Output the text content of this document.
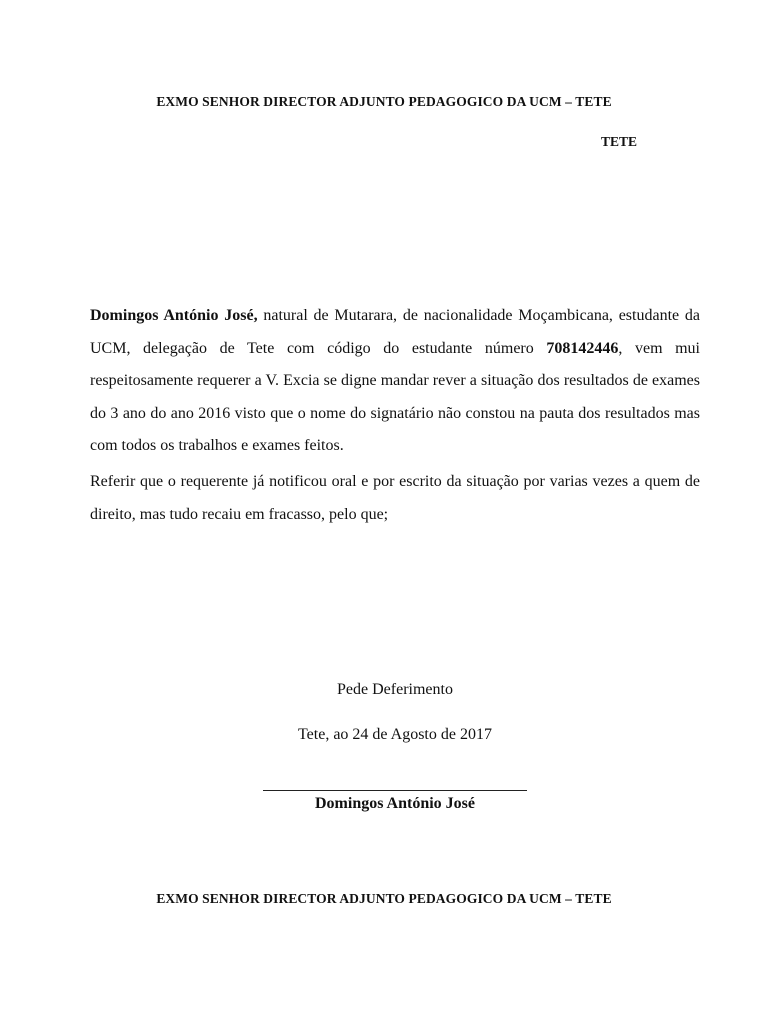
EXMO SENHOR DIRECTOR ADJUNTO PEDAGOGICO DA UCM – TETE
TETE

Domingos António José, natural de Mutarara, de nacionalidade Moçambicana, estudante da UCM, delegação de Tete com código do estudante número 708142446, vem mui respeitosamente requerer a V. Excia se digne mandar rever a situação dos resultados de exames do 3 ano do ano 2016 visto que o nome do signatário não constou na pauta dos resultados mas com todos os trabalhos e exames feitos.

Referir que o requerente já notificou oral e por escrito da situação por varias vezes a quem de direito, mas tudo recaiu em fracasso, pelo que;

Pede Deferimento
Tete, ao 24 de Agosto de 2017
Domingos António José
EXMO SENHOR DIRECTOR ADJUNTO PEDAGOGICO DA UCM – TETE
